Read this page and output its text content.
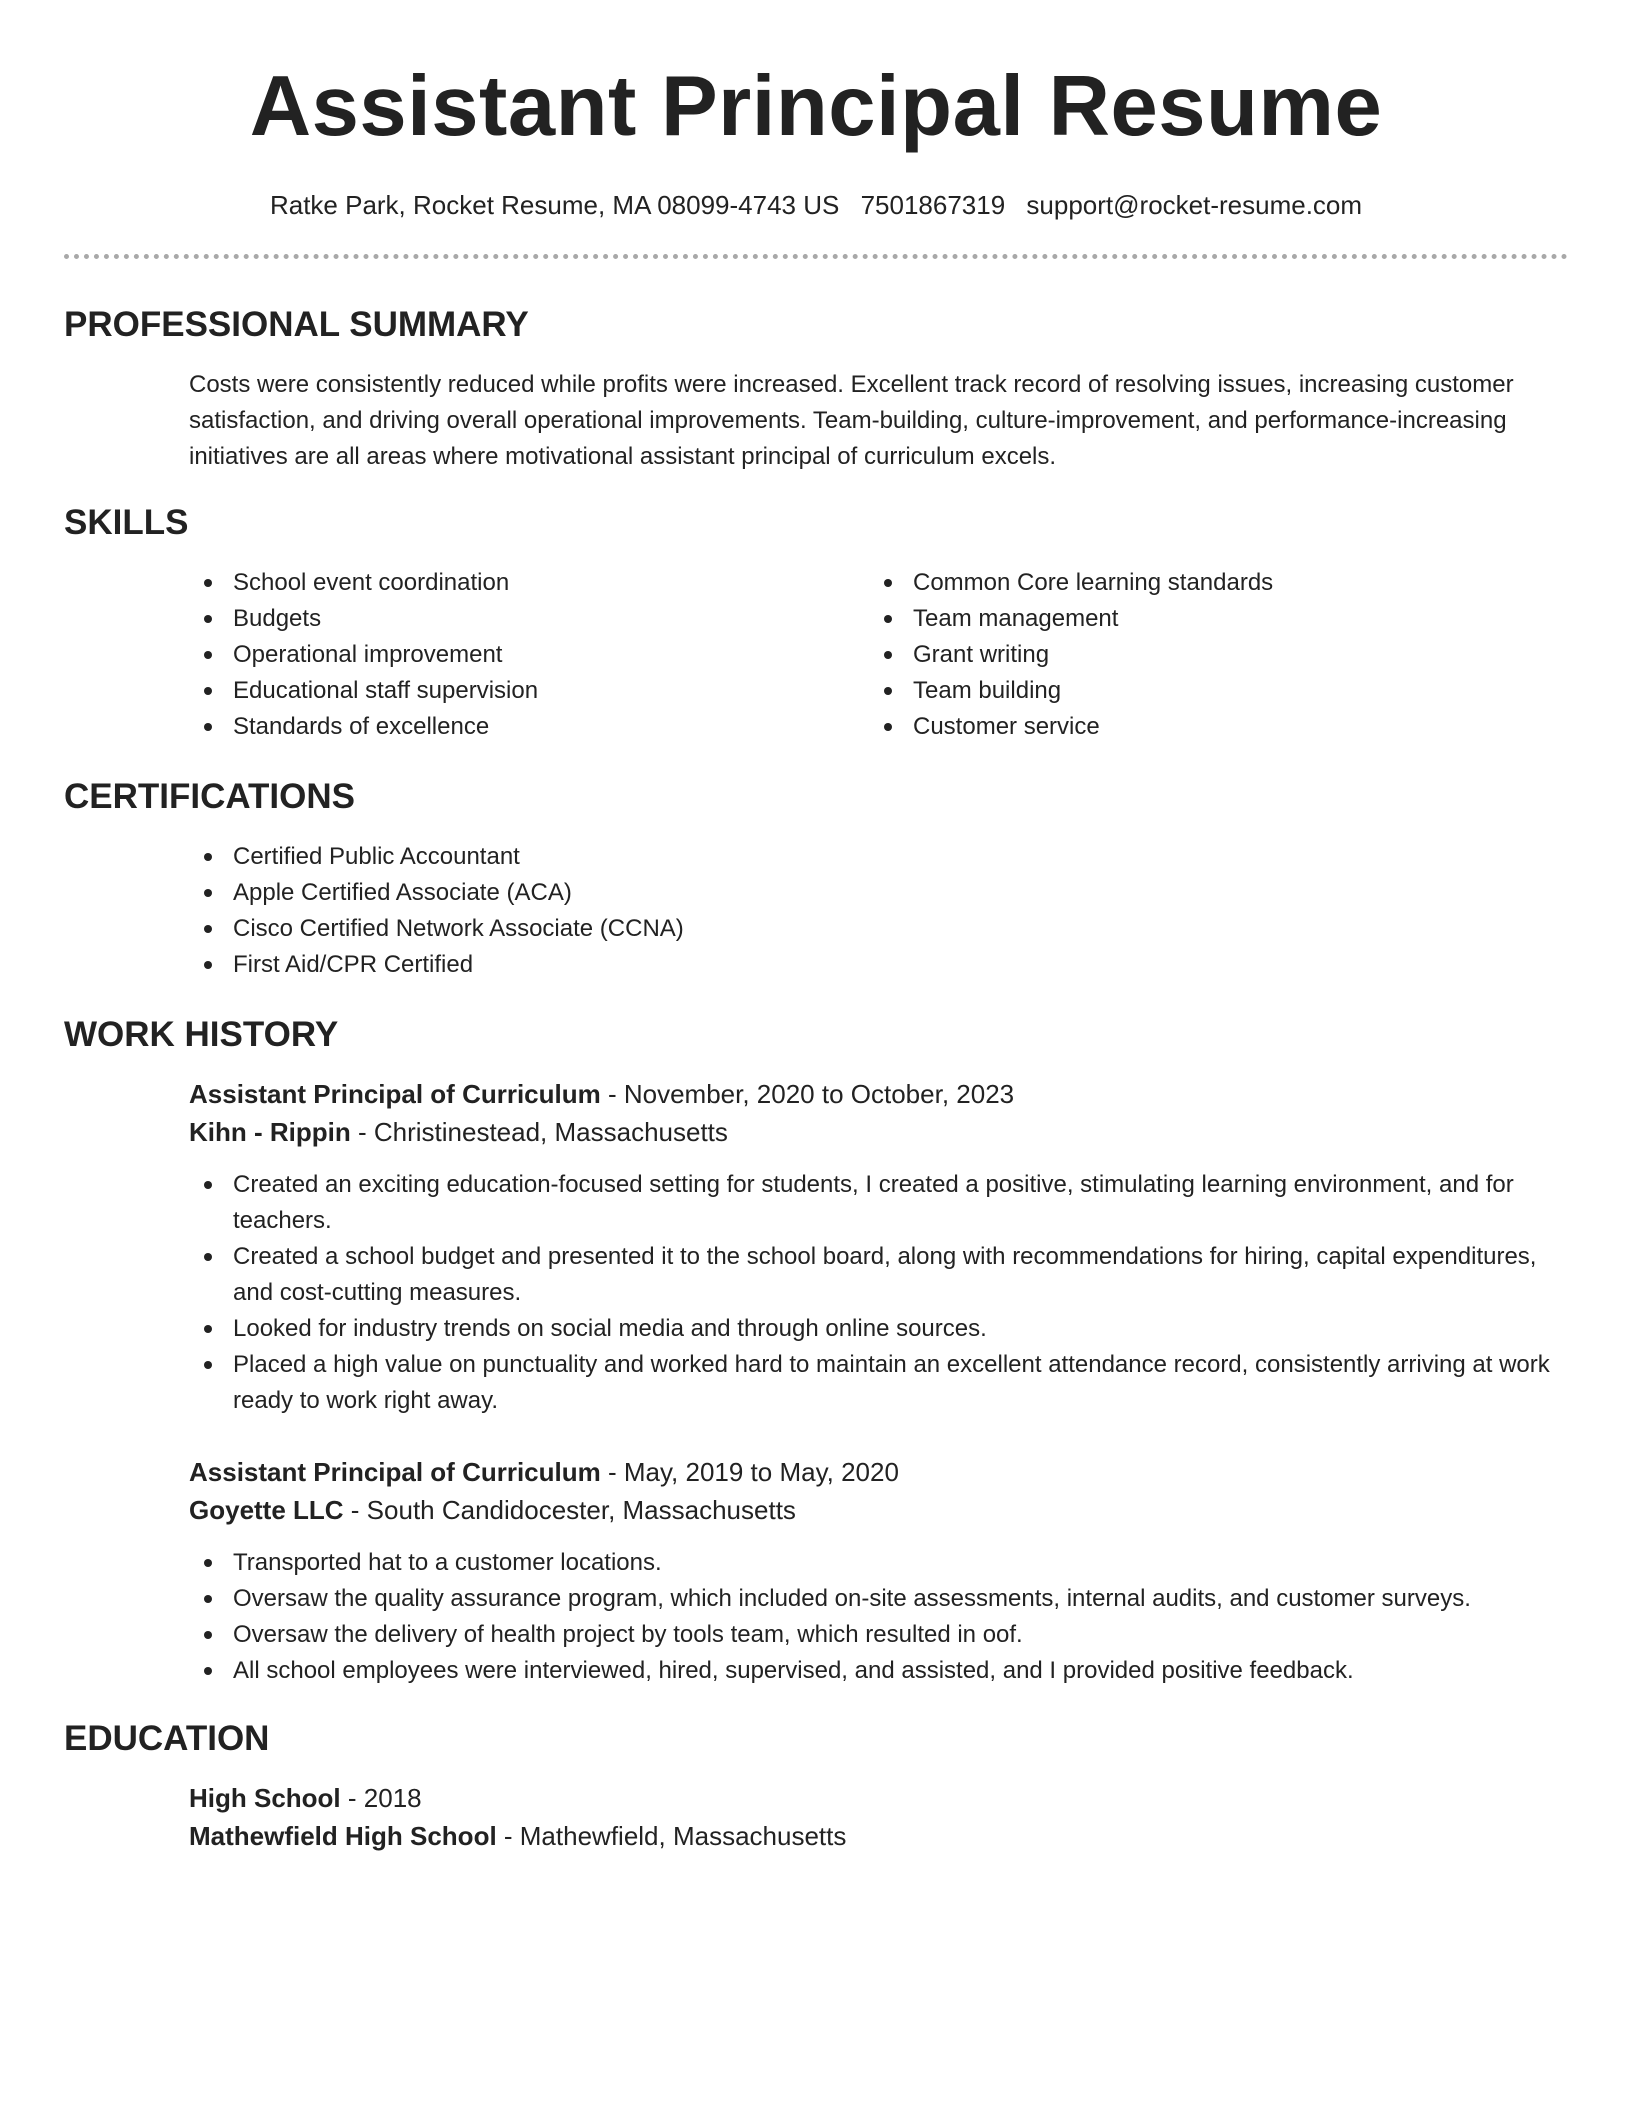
Assistant Principal Resume
Ratke Park, Rocket Resume, MA 08099-4743 US 7501867319 support@rocket-resume.com
PROFESSIONAL SUMMARY

Costs were consistently reduced while profits were increased. Excellent track record of resolving issues, increasing customer satisfaction, and driving overall operational improvements. Team-building, culture-improvement, and performance-increasing initiatives are all areas where motivational assistant principal of curriculum excels.

SKILLS
School event coordination
Budgets
Operational improvement
Educational staff supervision
Standards of excellence
Common Core learning standards
Team management
Grant writing
Team building
Customer service
CERTIFICATIONS
Certified Public Accountant
Apple Certified Associate (ACA)
Cisco Certified Network Associate (CCNA)
First Aid/CPR Certified
WORK HISTORY
Assistant Principal of Curriculum - November, 2020 to October, 2023
Kihn - Rippin - Christinestead, Massachusetts
Created an exciting education-focused setting for students, I created a positive, stimulating learning environment, and for teachers.
Created a school budget and presented it to the school board, along with recommendations for hiring, capital expenditures, and cost-cutting measures.
Looked for industry trends on social media and through online sources.
Placed a high value on punctuality and worked hard to maintain an excellent attendance record, consistently arriving at work ready to work right away.
Assistant Principal of Curriculum - May, 2019 to May, 2020
Goyette LLC - South Candidocester, Massachusetts
Transported hat to a customer locations.
Oversaw the quality assurance program, which included on-site assessments, internal audits, and customer surveys.
Oversaw the delivery of health project by tools team, which resulted in oof.
All school employees were interviewed, hired, supervised, and assisted, and I provided positive feedback.
EDUCATION
High School - 2018
Mathewfield High School - Mathewfield, Massachusetts
